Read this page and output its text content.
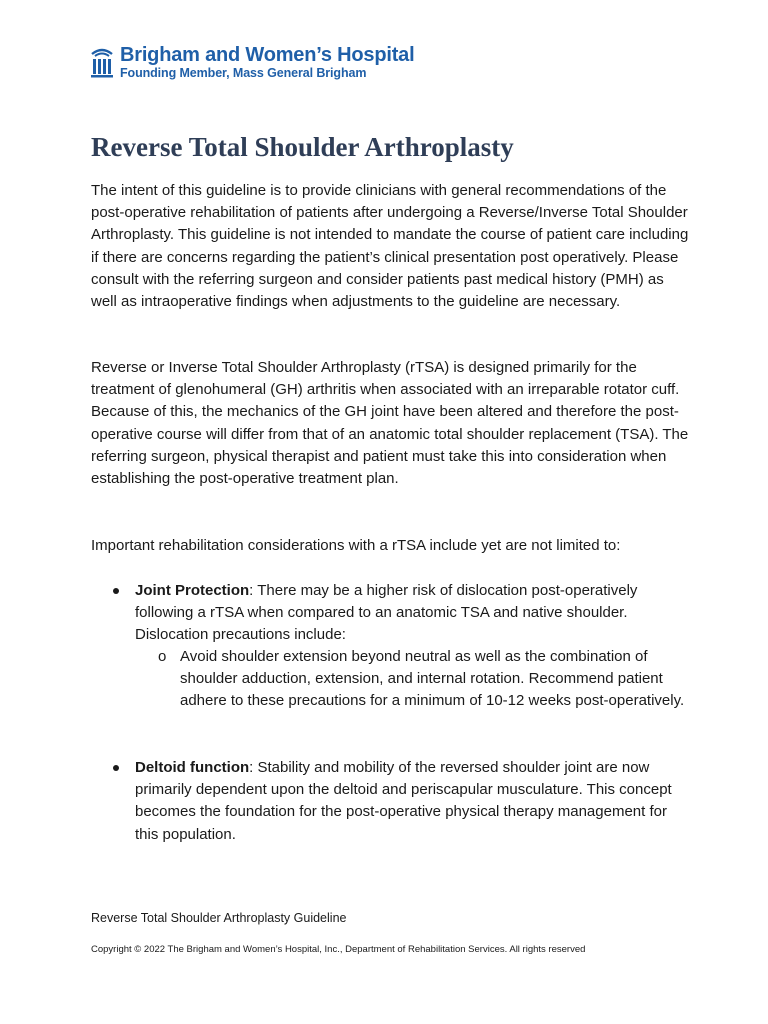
Brigham and Women’s Hospital
Founding Member, Mass General Brigham
Reverse Total Shoulder Arthroplasty

The intent of this guideline is to provide clinicians with general recommendations of the post-operative rehabilitation of patients after undergoing a Reverse/Inverse Total Shoulder Arthroplasty. This guideline is not intended to mandate the course of patient care including if there are concerns regarding the patient’s clinical presentation post operatively. Please consult with the referring surgeon and consider patients past medical history (PMH) as well as intraoperative findings when adjustments to the guideline are necessary.

Reverse or Inverse Total Shoulder Arthroplasty (rTSA) is designed primarily for the treatment of glenohumeral (GH) arthritis when associated with an irreparable rotator cuff. Because of this, the mechanics of the GH joint have been altered and therefore the post-operative course will differ from that of an anatomic total shoulder replacement (TSA). The referring surgeon, physical therapist and patient must take this into consideration when establishing the post-operative treatment plan.

Important rehabilitation considerations with a rTSA include yet are not limited to:

Joint Protection: There may be a higher risk of dislocation post-operatively following a rTSA when compared to an anatomic TSA and native shoulder. Dislocation precautions include:
o Avoid shoulder extension beyond neutral as well as the combination of shoulder adduction, extension, and internal rotation. Recommend patient adhere to these precautions for a minimum of 10-12 weeks post-operatively.
Deltoid function: Stability and mobility of the reversed shoulder joint are now primarily dependent upon the deltoid and periscapular musculature. This concept becomes the foundation for the post-operative physical therapy management for this population.
Reverse Total Shoulder Arthroplasty Guideline
Copyright © 2022 The Brigham and Women’s Hospital, Inc., Department of Rehabilitation Services. All rights reserved
